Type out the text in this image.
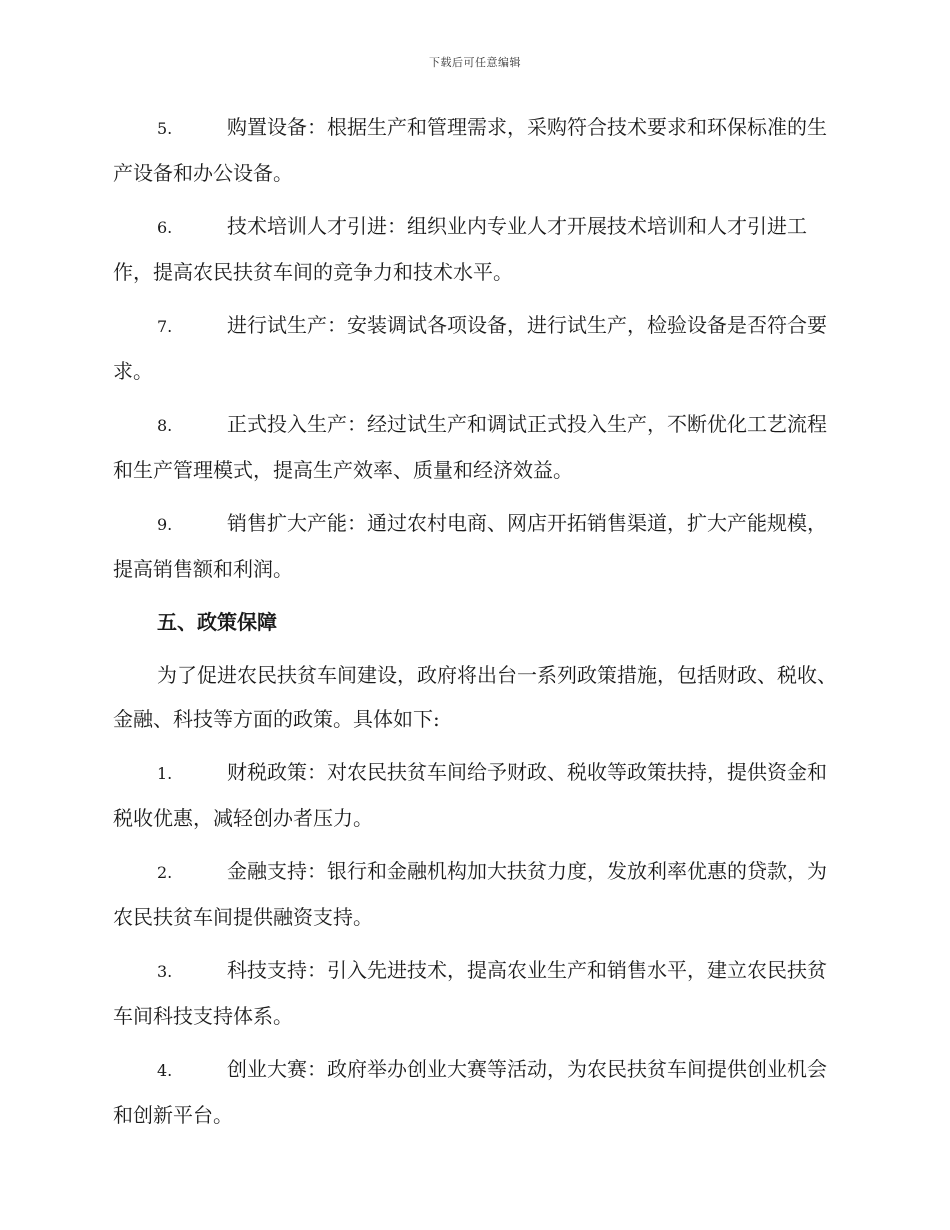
下载后可任意编辑
5.	购置设备：根据生产和管理需求，采购符合技术要求和环保标准的生产设备和办公设备。
6.	技术培训人才引进：组织业内专业人才开展技术培训和人才引进工作，提高农民扶贫车间的竞争力和技术水平。
7.	进行试生产：安装调试各项设备，进行试生产，检验设备是否符合要求。
8.	正式投入生产：经过试生产和调试正式投入生产，不断优化工艺流程和生产管理模式，提高生产效率、质量和经济效益。
9.	销售扩大产能：通过农村电商、网店开拓销售渠道，扩大产能规模，提高销售额和利润。
五、政策保障
为了促进农民扶贫车间建设，政府将出台一系列政策措施，包括财政、税收、金融、科技等方面的政策。具体如下:
1.	财税政策：对农民扶贫车间给予财政、税收等政策扶持，提供资金和税收优惠，减轻创办者压力。
2.	金融支持：银行和金融机构加大扶贫力度，发放利率优惠的贷款，为农民扶贫车间提供融资支持。
3.	科技支持：引入先进技术，提高农业生产和销售水平，建立农民扶贫车间科技支持体系。
4.	创业大赛：政府举办创业大赛等活动，为农民扶贫车间提供创业机会和创新平台。
